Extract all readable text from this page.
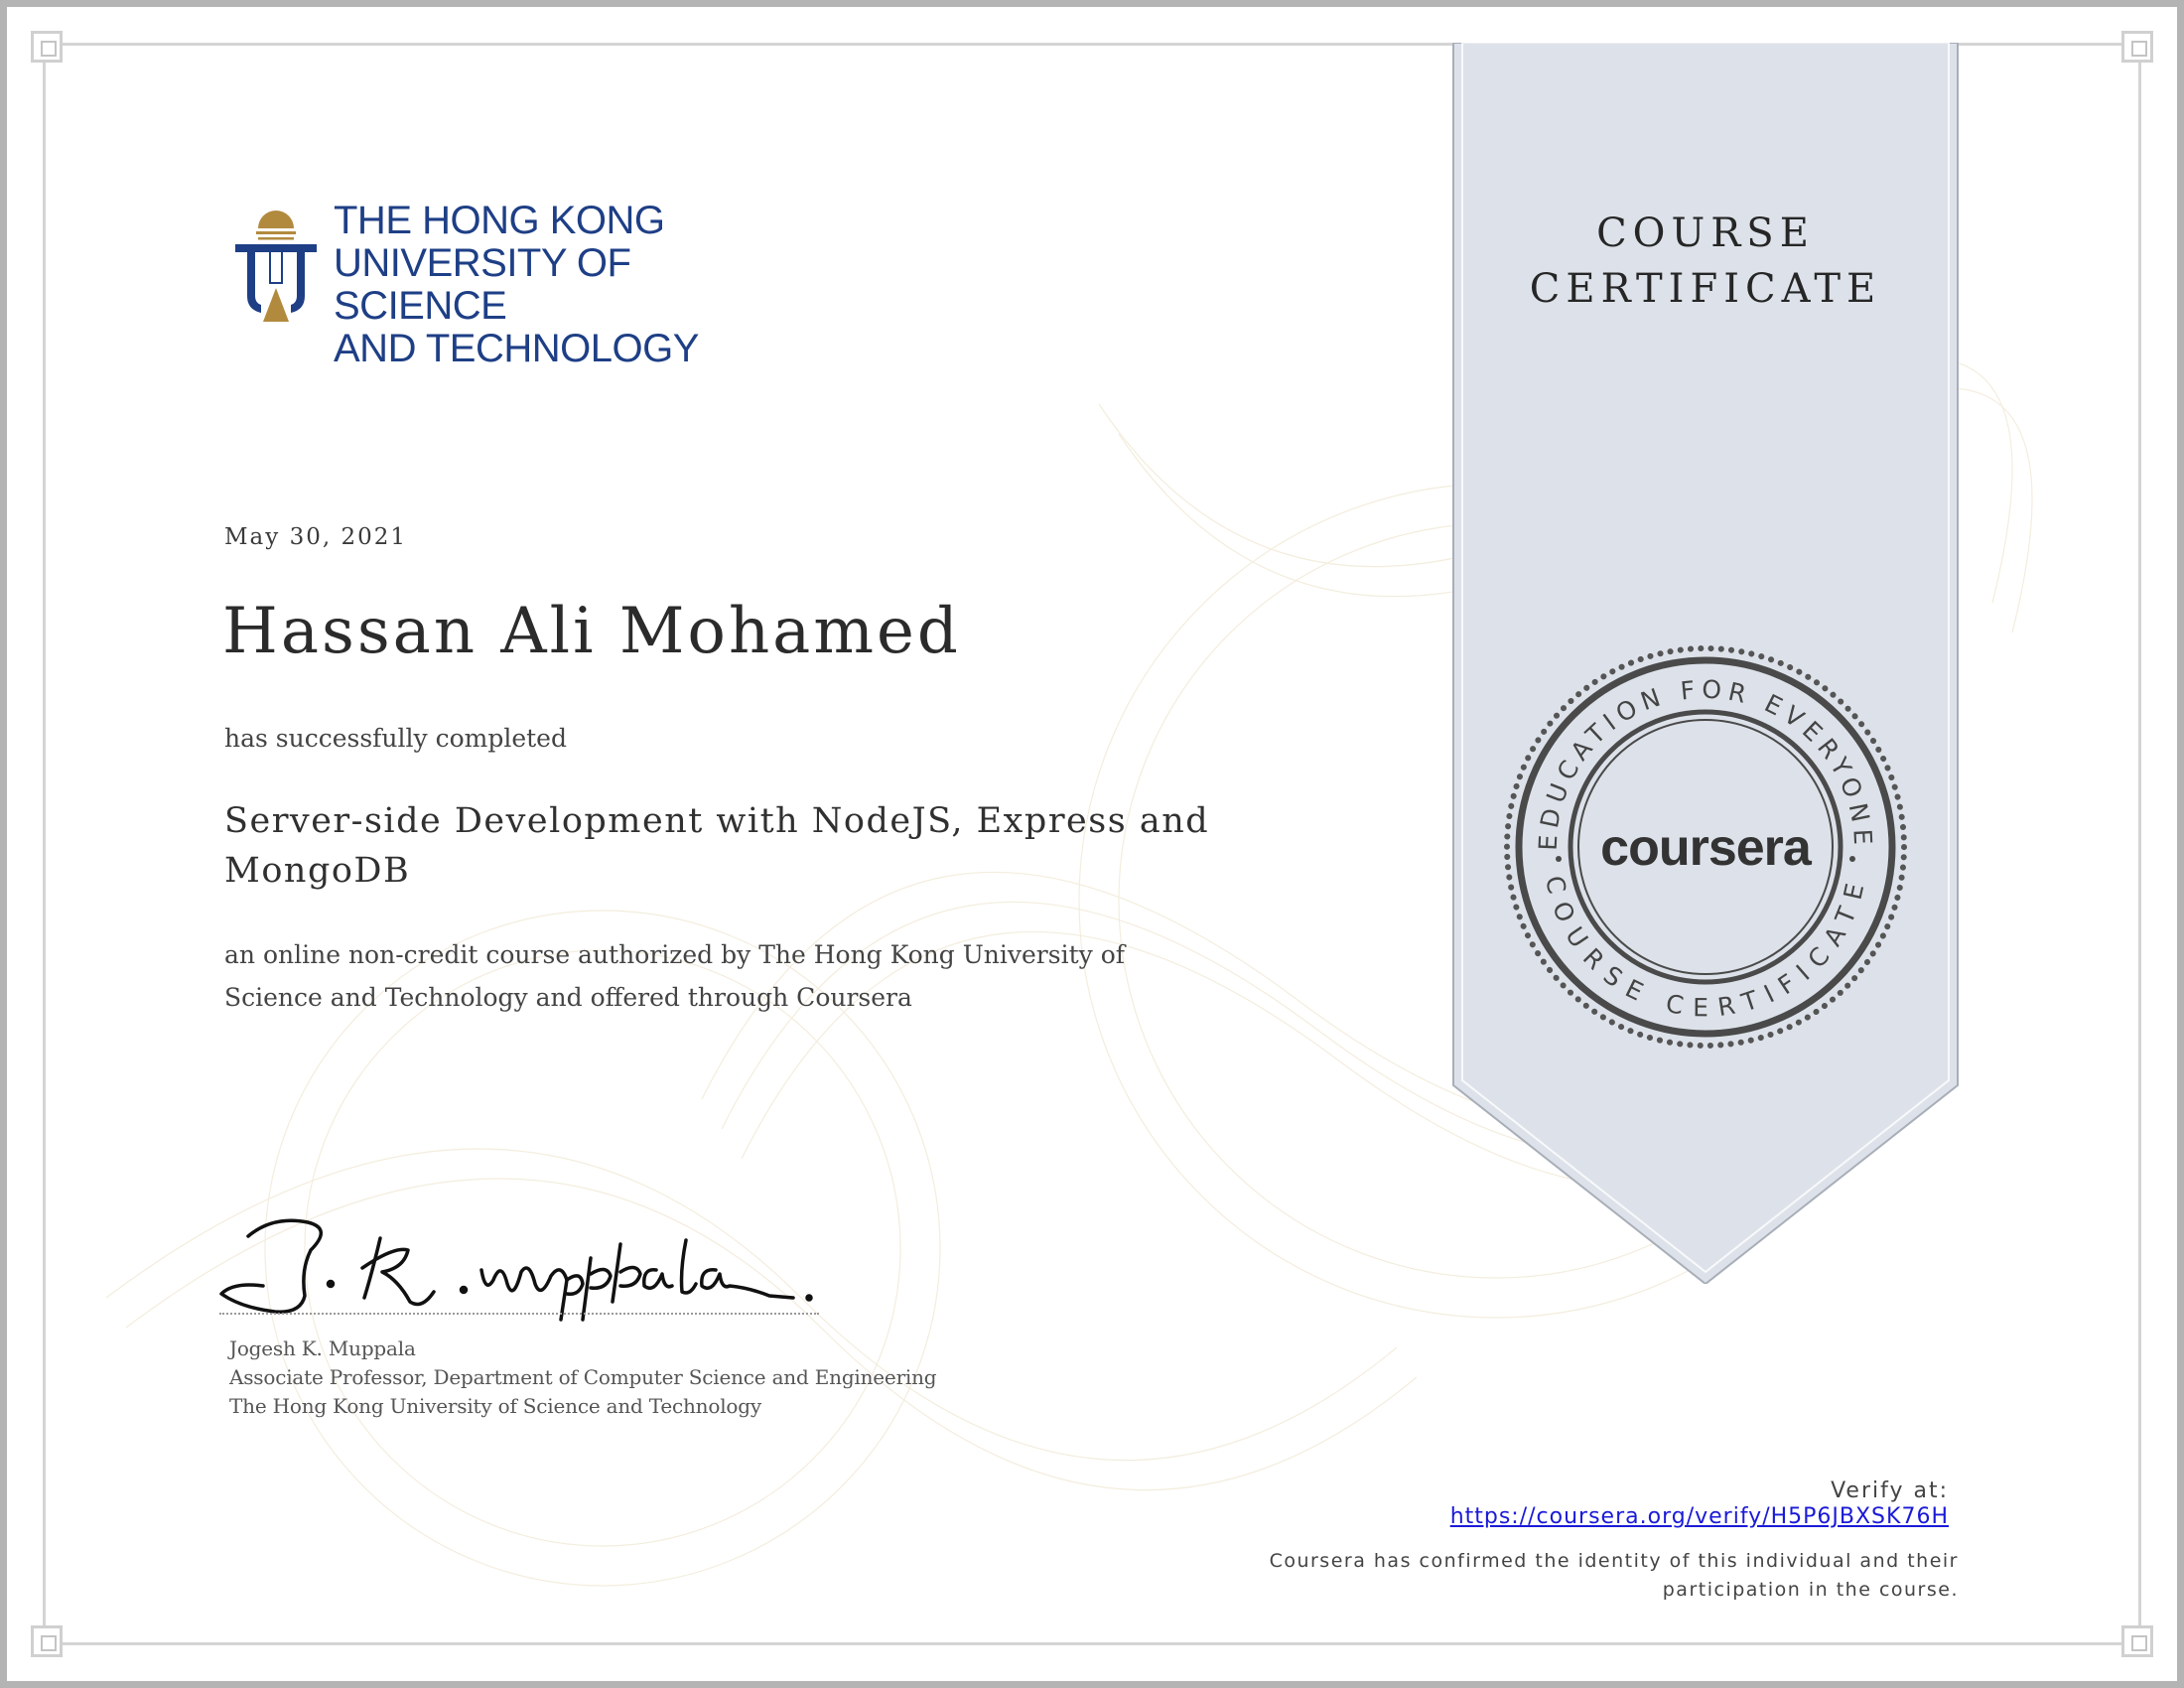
COURSE
CERTIFICATE
EDUCATION FOR EVERYONE
COURSE CERTIFICATE
coursera

THE HONG KONG
UNIVERSITY OF SCIENCE
AND TECHNOLOGY

May 30, 2021
Hassan Ali Mohamed
has successfully completed
Server-side Development with NodeJS, Express and MongoDB
an online non-credit course authorized by The Hong Kong University of Science and Technology and offered through Coursera
Jogesh K. Muppala
Associate Professor, Department of Computer Science and Engineering
The Hong Kong University of Science and Technology
Verify at:
https://coursera.org/verify/H5P6JBXSK76H
Coursera has confirmed the identity of this individual and their participation in the course.
